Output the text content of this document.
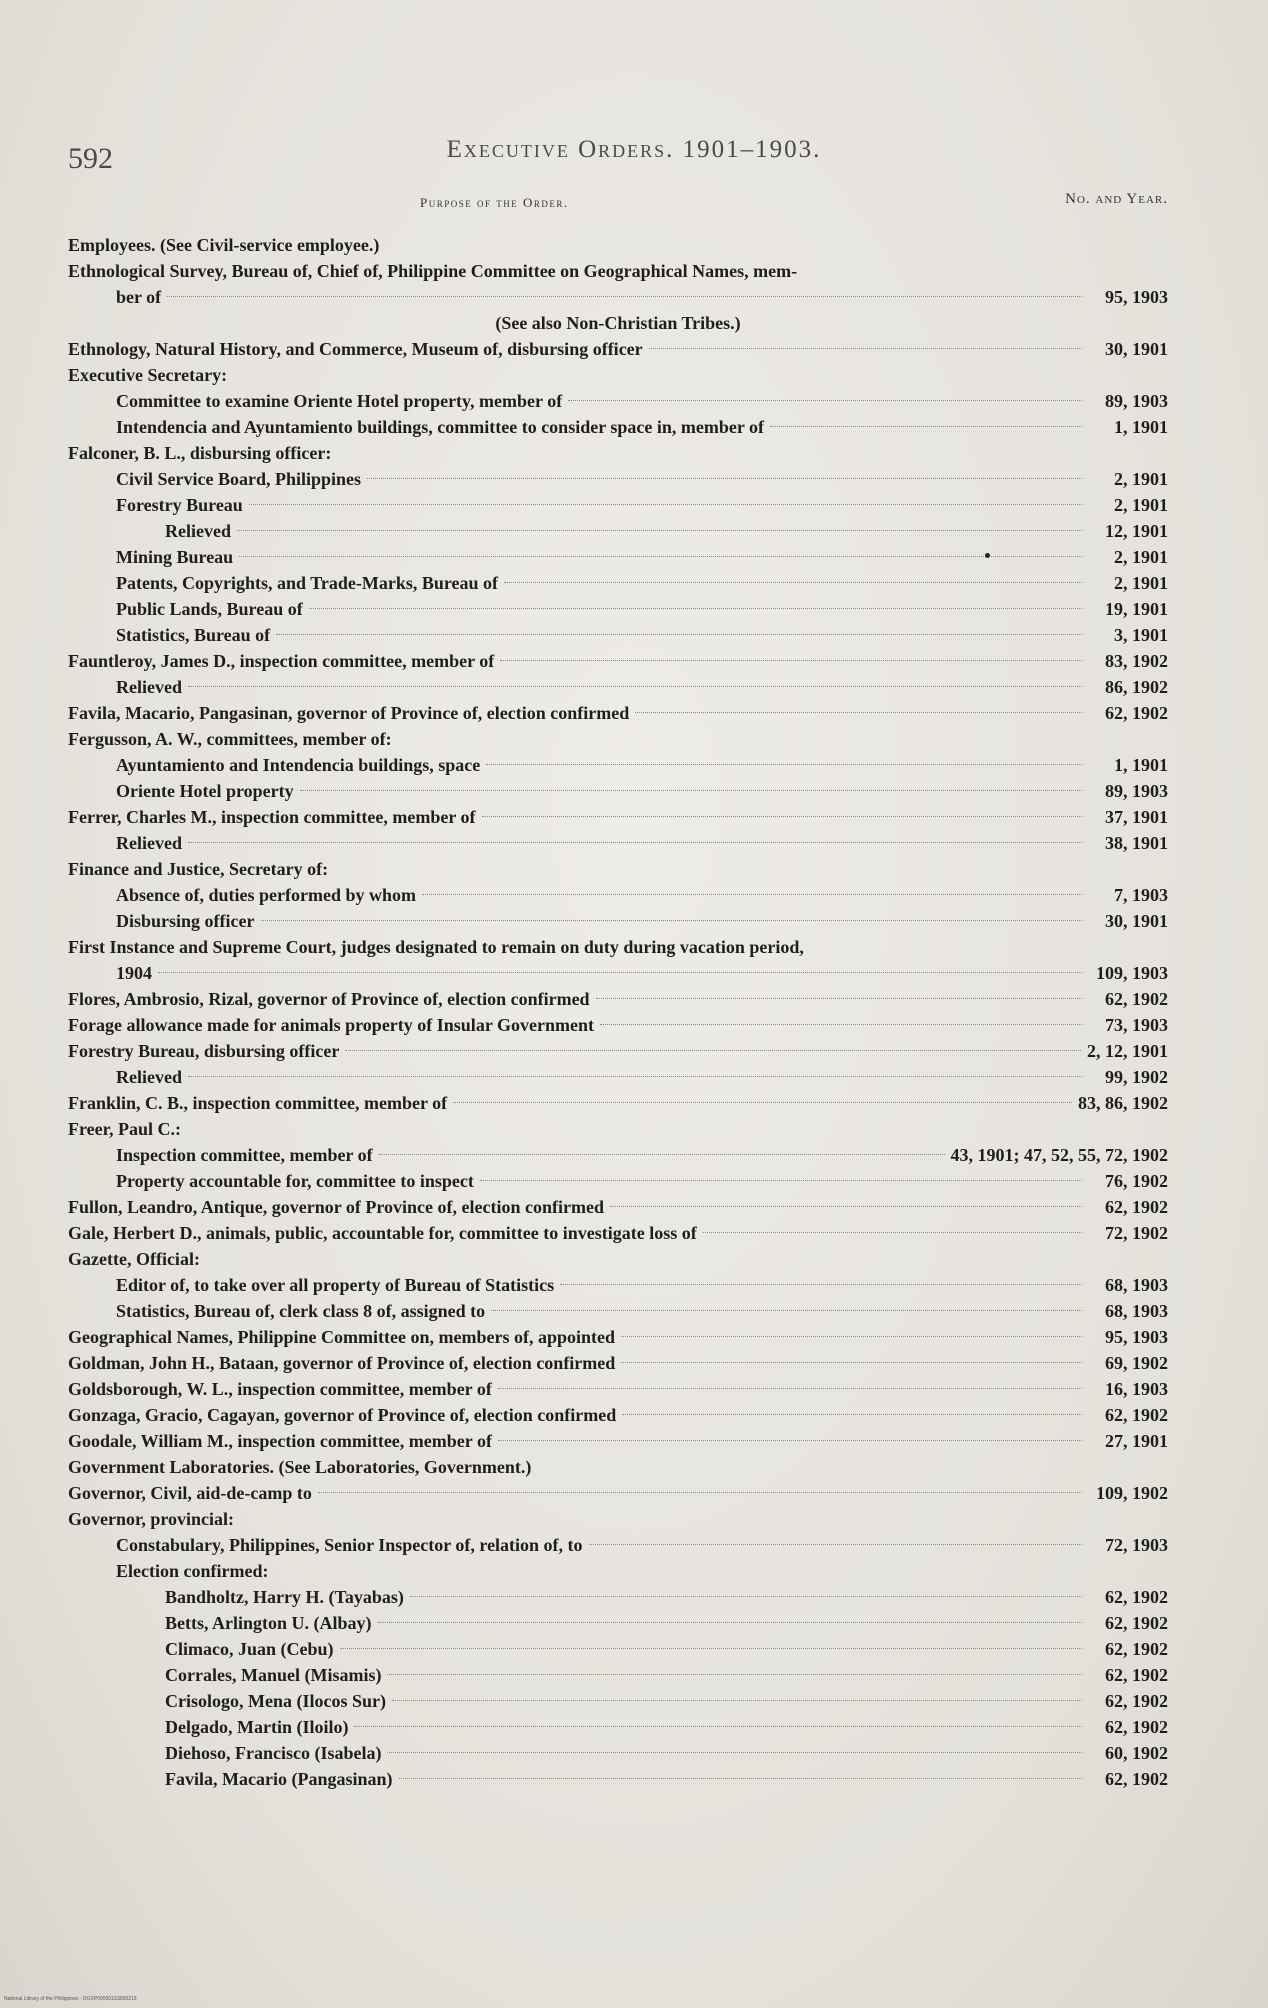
592	Executive Orders. 1901–1903.
Purpose of the Order.	No. and Year.
Employees. (See Civil-service employee.)
Ethnological Survey, Bureau of, Chief of, Philippine Committee on Geographical Names, mem-
ber of	95, 1903
(See also Non-Christian Tribes.)
Ethnology, Natural History, and Commerce, Museum of, disbursing officer	30, 1901
Executive Secretary:
Committee to examine Oriente Hotel property, member of	89, 1903
Intendencia and Ayuntamiento buildings, committee to consider space in, member of	1, 1901
Falconer, B. L., disbursing officer:
Civil Service Board, Philippines	2, 1901
Forestry Bureau	2, 1901
Relieved	12, 1901
Mining Bureau	2, 1901
Patents, Copyrights, and Trade-Marks, Bureau of	2, 1901
Public Lands, Bureau of	19, 1901
Statistics, Bureau of	3, 1901
Fauntleroy, James D., inspection committee, member of	83, 1902
Relieved	86, 1902
Favila, Macario, Pangasinan, governor of Province of, election confirmed	62, 1902
Fergusson, A. W., committees, member of:
Ayuntamiento and Intendencia buildings, space	1, 1901
Oriente Hotel property	89, 1903
Ferrer, Charles M., inspection committee, member of	37, 1901
Relieved	38, 1901
Finance and Justice, Secretary of:
Absence of, duties performed by whom	7, 1903
Disbursing officer	30, 1901
First Instance and Supreme Court, judges designated to remain on duty during vacation period,
1904	109, 1903
Flores, Ambrosio, Rizal, governor of Province of, election confirmed	62, 1902
Forage allowance made for animals property of Insular Government	73, 1903
Forestry Bureau, disbursing officer	2, 12, 1901
Relieved	99, 1902
Franklin, C. B., inspection committee, member of	83, 86, 1902
Freer, Paul C.:
Inspection committee, member of	43, 1901; 47, 52, 55, 72, 1902
Property accountable for, committee to inspect	76, 1902
Fullon, Leandro, Antique, governor of Province of, election confirmed	62, 1902
Gale, Herbert D., animals, public, accountable for, committee to investigate loss of	72, 1902
Gazette, Official:
Editor of, to take over all property of Bureau of Statistics	68, 1903
Statistics, Bureau of, clerk class 8 of, assigned to	68, 1903
Geographical Names, Philippine Committee on, members of, appointed	95, 1903
Goldman, John H., Bataan, governor of Province of, election confirmed	69, 1902
Goldsborough, W. L., inspection committee, member of	16, 1903
Gonzaga, Gracio, Cagayan, governor of Province of, election confirmed	62, 1902
Goodale, William M., inspection committee, member of	27, 1901
Government Laboratories. (See Laboratories, Government.)
Governor, Civil, aid-de-camp to	109, 1902
Governor, provincial:
Constabulary, Philippines, Senior Inspector of, relation of, to	72, 1903
Election confirmed:
Bandholtz, Harry H. (Tayabas)	62, 1902
Betts, Arlington U. (Albay)	62, 1902
Climaco, Juan (Cebu)	62, 1902
Corrales, Manuel (Misamis)	62, 1902
Crisologo, Mena (Ilocos Sur)	62, 1902
Delgado, Martin (Iloilo)	62, 1902
Diehoso, Francisco (Isabela)	60, 1902
Favila, Macario (Pangasinan)	62, 1902
National Library of the Philippines · DOXP000001S3006219
